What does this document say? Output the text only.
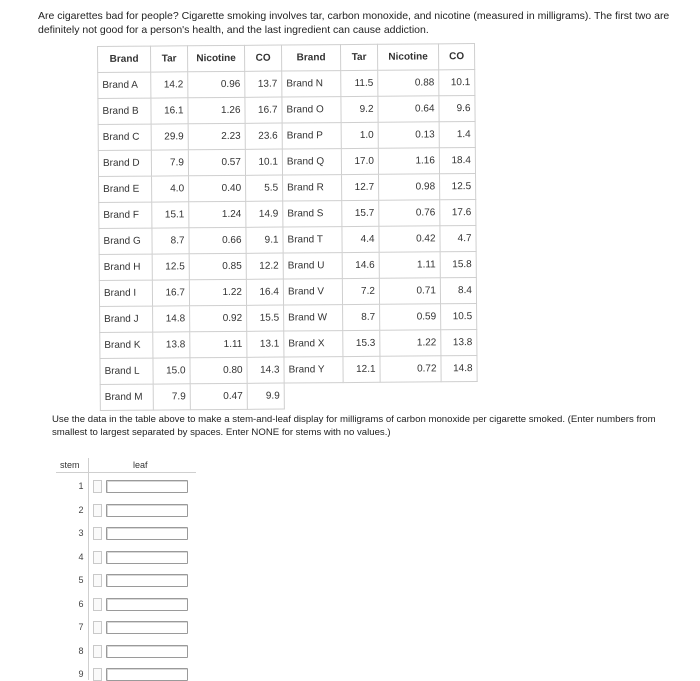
Are cigarettes bad for people? Cigarette smoking involves tar, carbon monoxide, and nicotine (measured in milligrams). The first two are definitely not good for a person's health, and the last ingredient can cause addiction.
Brand	Tar	Nicotine	CO	Brand	Tar	Nicotine	CO
Brand A	14.2	0.96	13.7	Brand N	11.5	0.88	10.1
Brand B	16.1	1.26	16.7	Brand O	9.2	0.64	9.6
Brand C	29.9	2.23	23.6	Brand P	1.0	0.13	1.4
Brand D	7.9	0.57	10.1	Brand Q	17.0	1.16	18.4
Brand E	4.0	0.40	5.5	Brand R	12.7	0.98	12.5
Brand F	15.1	1.24	14.9	Brand S	15.7	0.76	17.6
Brand G	8.7	0.66	9.1	Brand T	4.4	0.42	4.7
Brand H	12.5	0.85	12.2	Brand U	14.6	1.11	15.8
Brand I	16.7	1.22	16.4	Brand V	7.2	0.71	8.4
Brand J	14.8	0.92	15.5	Brand W	8.7	0.59	10.5
Brand K	13.8	1.11	13.1	Brand X	15.3	1.22	13.8
Brand L	15.0	0.80	14.3	Brand Y	12.1	0.72	14.8
Brand M	7.9	0.47	9.9				
Use the data in the table above to make a stem-and-leaf display for milligrams of carbon monoxide per cigarette smoked. (Enter numbers from smallest to largest separated by spaces. Enter NONE for stems with no values.)
stem	leaf
1
2
3
4
5
6
7
8
9
